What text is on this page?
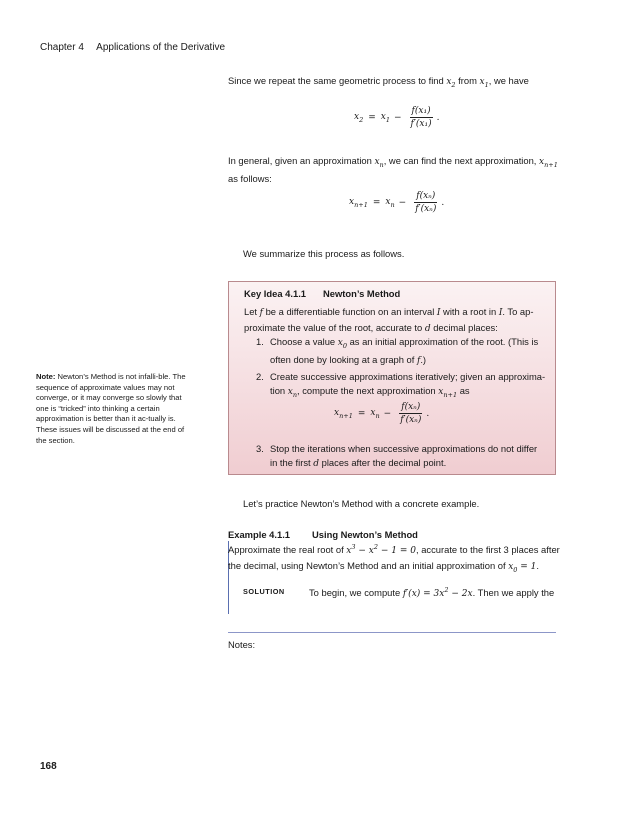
Chapter 4 Applications of the Derivative
Since we repeat the same geometric process to find $x_2$ from $x_1$, we have
$x_2 = x_1 - \frac{\text{f(x₁)}}{\text{f′(x₁)}}$ .
In general, given an approximation $x_n$, we can find the next approximation, $x_{n+1}$
as follows:
$x_{n+1} = x_n - \frac{\text{f(xₙ)}}{\text{f′(xₙ)}}$ .
We summarize this process as follows.
Key Idea 4.1.1 Newton’s Method
Let f be a differentiable function on an interval I with a root in I. To ap-
proximate the value of the root, accurate to d decimal places:
1. Choose a value $x_0$ as an initial approximation of the root. (This is
often done by looking at a graph of f.)
2. Create successive approximations iteratively; given an approxima-
tion $x_n$, compute the next approximation $x_{n+1}$ as
$x_{n+1} = x_n - \frac{\text{f(xₙ)}}{\text{f′(xₙ)}}$ .
3. Stop the iterations when successive approximations do not differ
in the first d places after the decimal point.
Note: Newton’s Method is not infalli-ble. The sequence of approximate values may not converge, or it may converge so slowly that one is “tricked” into thinking a certain approximation is better than it ac-tually is. These issues will be discussed at the end of the section.
Let’s practice Newton’s Method with a concrete example.
Example 4.1.1 Using Newton’s Method
Approximate the real root of $x^3 - x^2 - 1 = 0$, accurate to the first 3 places after
the decimal, using Newton’s Method and an initial approximation of $x_0 = 1$.
SOLUTION	To begin, we compute $f'(x) = 3x^2 - 2x$. Then we apply the
Notes:
168
